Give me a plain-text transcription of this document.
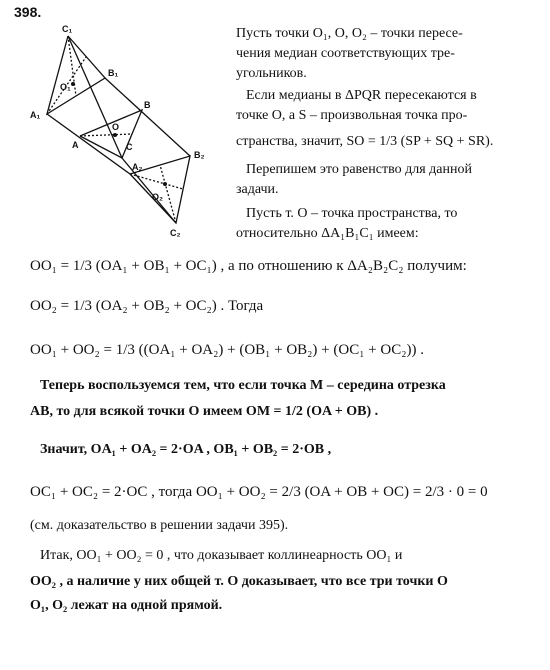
398.
C₁
B₁
O₁
A₁
A
B
O
C
A₂
B₂
O₂
C₂
Пусть точки O₁, O, O₂ – точки пересе-
чения медиан соответствующих тре-
угольников.
Если медианы в ΔPQR пересекаются в
точке O, а S – произвольная точка про-
странства, значит, SO = 1/3 (SP + SQ + SR).
Перепишем это равенство для данной
задачи.
Пусть т. O – точка пространства, то
относительно ΔA₁B₁C₁ имеем:
OO₁ = 1/3 (OA₁ + OB₁ + OC₁) , а по отношению к ΔA₂B₂C₂ получим:
OO₂ = 1/3 (OA₂ + OB₂ + OC₂) . Тогда
OO₁ + OO₂ = 1/3 ((OA₁ + OA₂) + (OB₁ + OB₂) + (OC₁ + OC₂)) .
Теперь воспользуемся тем, что если точка M – середина отрезка
AB, то для всякой точки O имеем OM = 1/2 (OA + OB) .
Значит, OA₁ + OA₂ = 2·OA , OB₁ + OB₂ = 2·OB ,
OC₁ + OC₂ = 2·OC , тогда OO₁ + OO₂ = 2/3 (OA + OB + OC) = 2/3 · 0 = 0
(см. доказательство в решении задачи 395).
Итак, OO₁ + OO₂ = 0 , что доказывает коллинеарность OO₁ и
OO₂ , а наличие у них общей т. O доказывает, что все три точки O
O₁, O₂ лежат на одной прямой.
